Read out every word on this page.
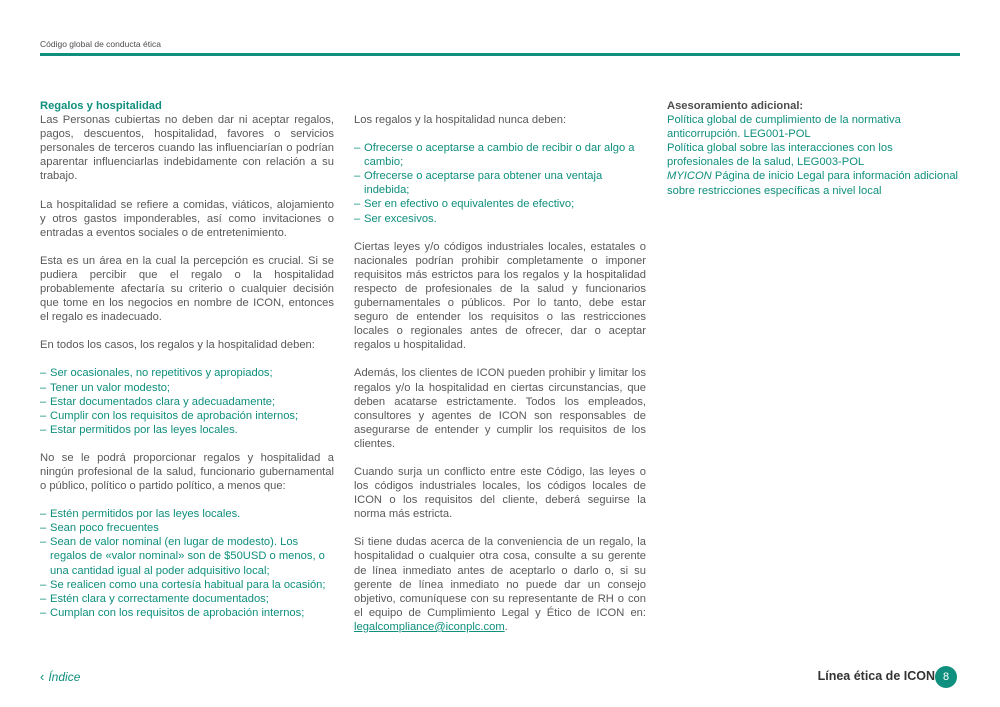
Código global de conducta ética
Regalos y hospitalidad

Las Personas cubiertas no deben dar ni aceptar regalos, pagos, descuentos, hospitalidad, favores o servicios personales de terceros cuando las influenciarían o podrían aparentar influenciarlas indebidamente con relación a su trabajo.

La hospitalidad se refiere a comidas, viáticos, alojamiento y otros gastos imponderables, así como invitaciones o entradas a eventos sociales o de entretenimiento.

Esta es un área en la cual la percepción es crucial. Si se pudiera percibir que el regalo o la hospitalidad probablemente afectaría su criterio o cualquier decisión que tome en los negocios en nombre de ICON, entonces el regalo es inadecuado.

En todos los casos, los regalos y la hospitalidad deben:

– Ser ocasionales, no repetitivos y apropiados;
– Tener un valor modesto;
– Estar documentados clara y adecuadamente;
– Cumplir con los requisitos de aprobación internos;
– Estar permitidos por las leyes locales.

No se le podrá proporcionar regalos y hospitalidad a ningún profesional de la salud, funcionario gubernamental o público, político o partido político, a menos que:

– Estén permitidos por las leyes locales.
– Sean poco frecuentes
– Sean de valor nominal (en lugar de modesto). Los regalos de «valor nominal» son de $50USD o menos, o una cantidad igual al poder adquisitivo local;
– Se realicen como una cortesía habitual para la ocasión;
– Estén clara y correctamente documentados;
– Cumplan con los requisitos de aprobación internos;

Los regalos y la hospitalidad nunca deben:

– Ofrecerse o aceptarse a cambio de recibir o dar algo a cambio;
– Ofrecerse o aceptarse para obtener una ventaja indebida;
– Ser en efectivo o equivalentes de efectivo;
– Ser excesivos.

Ciertas leyes y/o códigos industriales locales, estatales o nacionales podrían prohibir completamente o imponer requisitos más estrictos para los regalos y la hospitalidad respecto de profesionales de la salud y funcionarios gubernamentales o públicos. Por lo tanto, debe estar seguro de entender los requisitos o las restricciones locales o regionales antes de ofrecer, dar o aceptar regalos u hospitalidad.

Además, los clientes de ICON pueden prohibir y limitar los regalos y/o la hospitalidad en ciertas circunstancias, que deben acatarse estrictamente. Todos los empleados, consultores y agentes de ICON son responsables de asegurarse de entender y cumplir los requisitos de los clientes.

Cuando surja un conflicto entre este Código, las leyes o los códigos industriales locales, los códigos locales de ICON o los requisitos del cliente, deberá seguirse la norma más estricta.

Si tiene dudas acerca de la conveniencia de un regalo, la hospitalidad o cualquier otra cosa, consulte a su gerente de línea inmediato antes de aceptarlo o darlo o, si su gerente de línea inmediato no puede dar un consejo objetivo, comuníquese con su representante de RH o con el equipo de Cumplimiento Legal y Ético de ICON en: legalcompliance@iconplc.com.

Asesoramiento adicional:
Política global de cumplimiento de la normativa anticorrupción. LEG001-POL
Política global sobre las interacciones con los profesionales de la salud, LEG003-POL
MYICON Página de inicio Legal para información adicional sobre restricciones específicas a nivel local
‹ Índice	Línea ética de ICON 8
